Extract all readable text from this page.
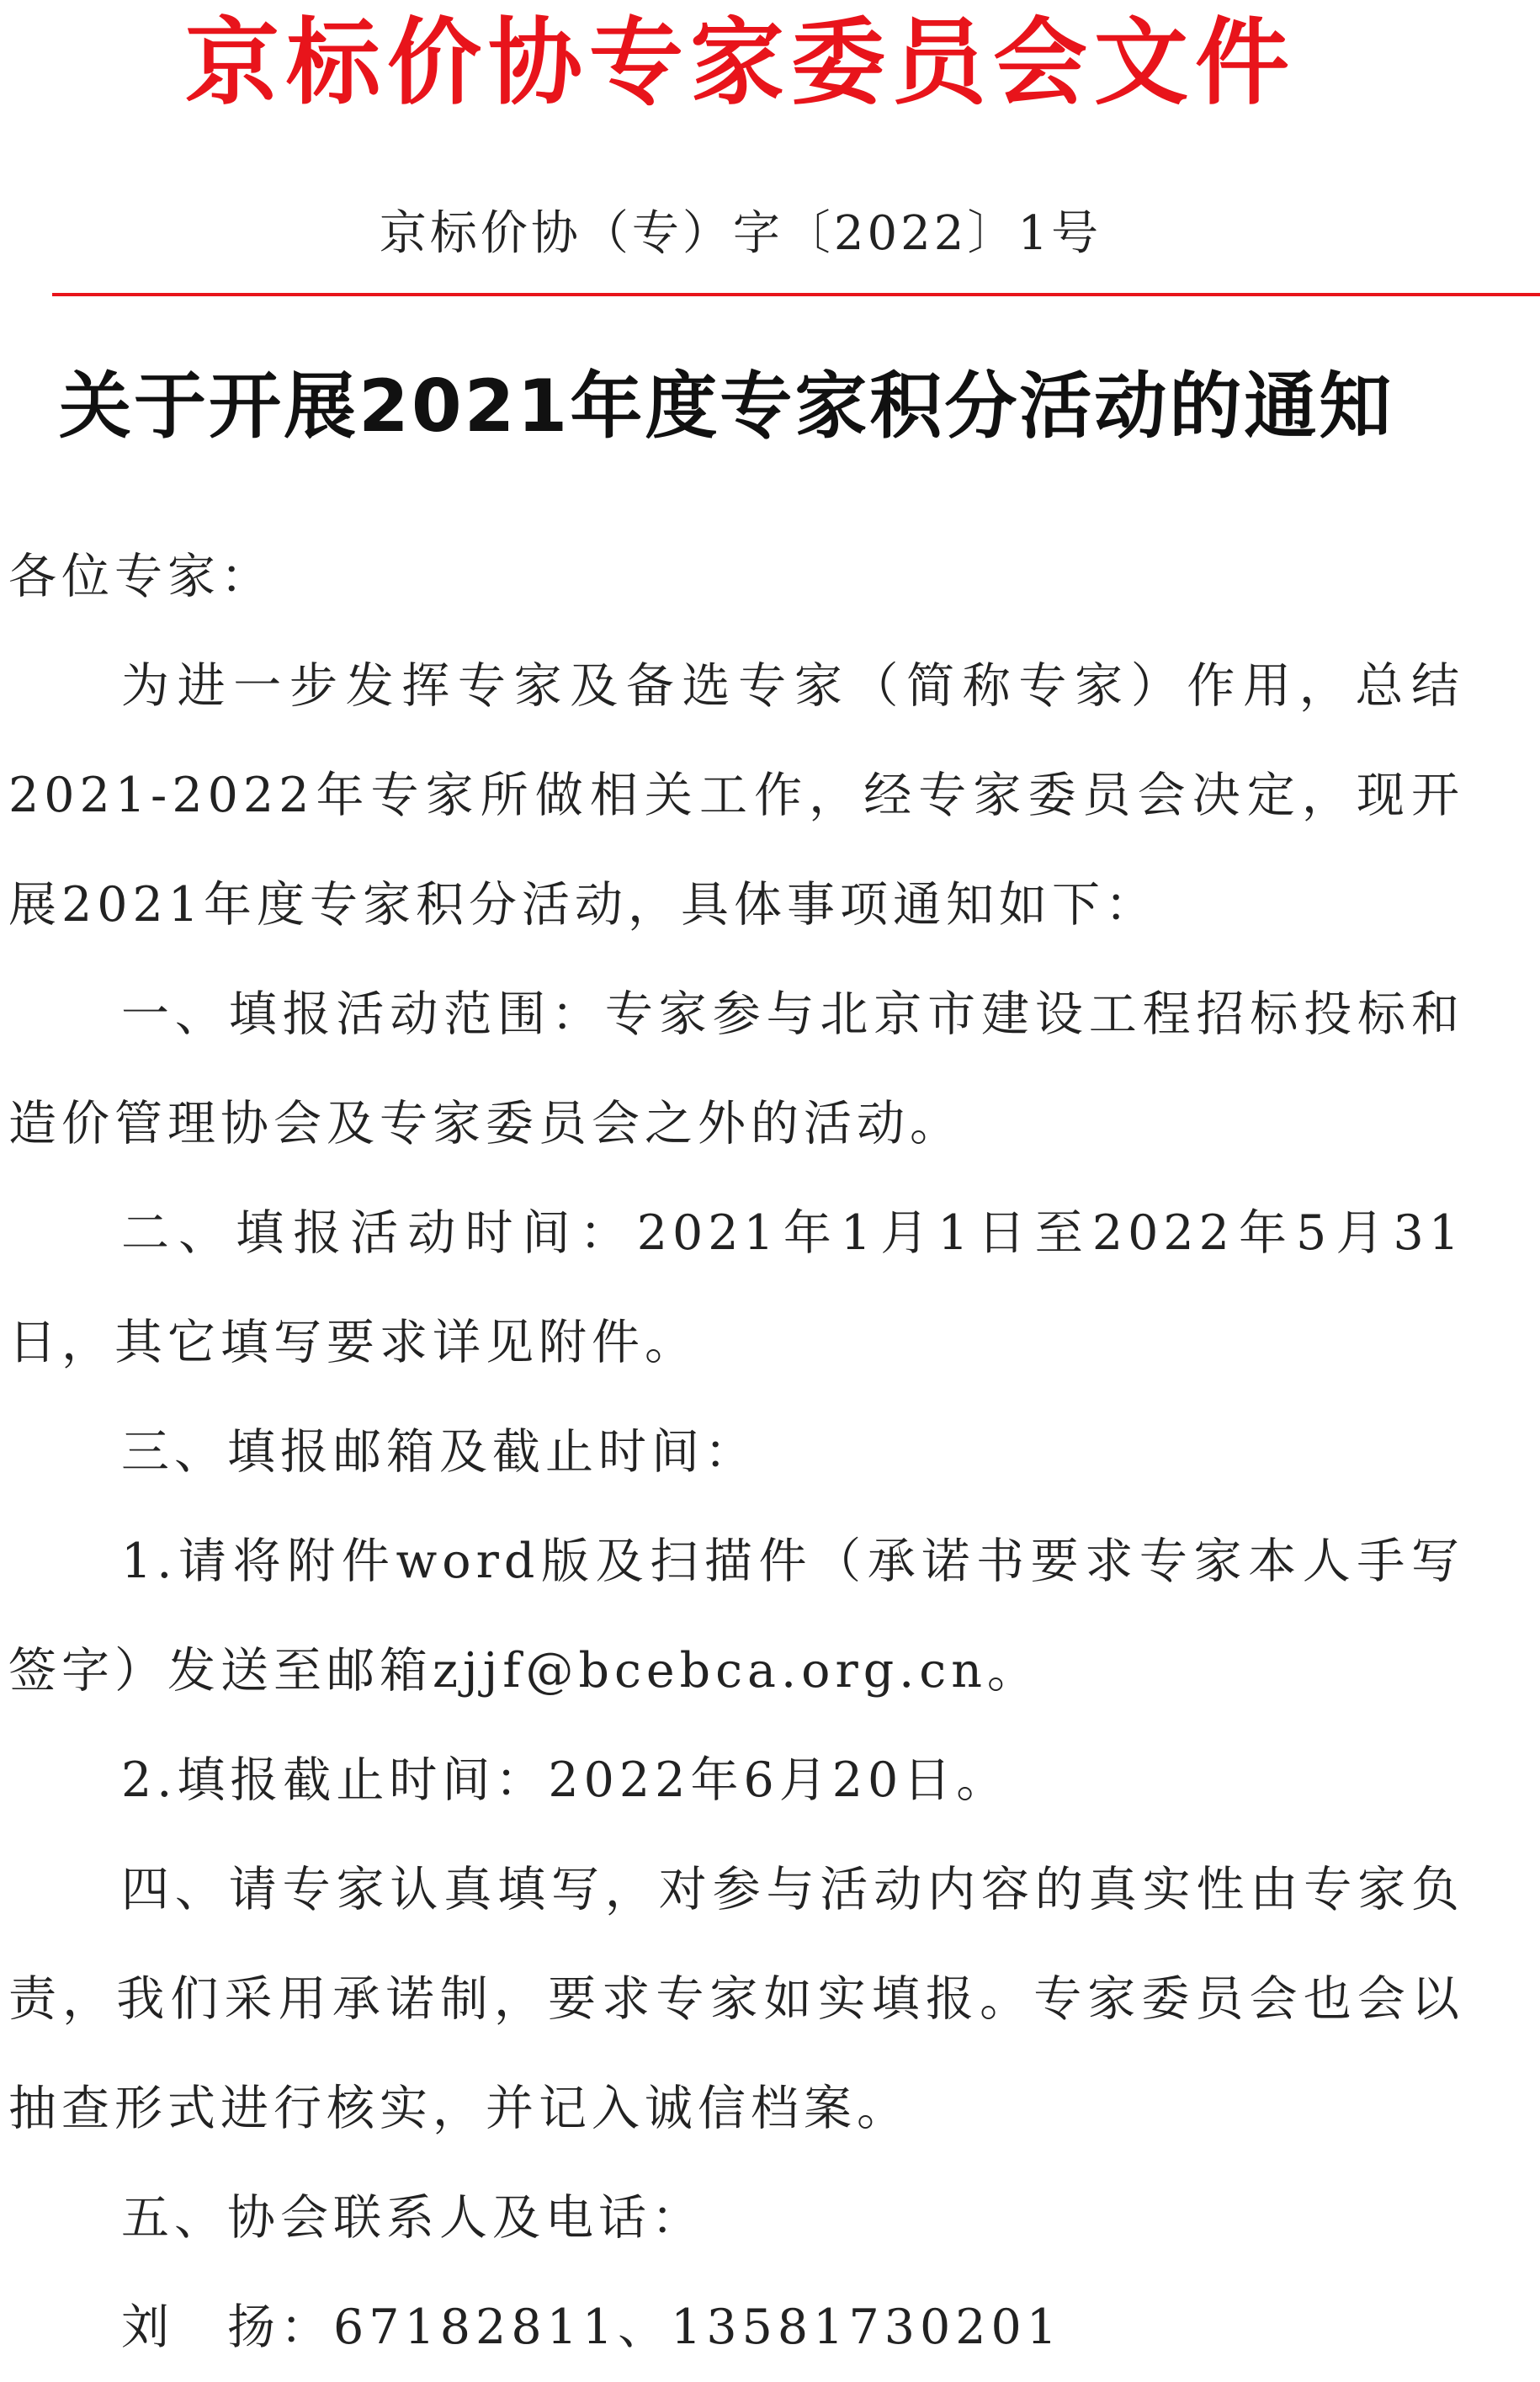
京标价协专家委员会文件
京标价协（专）字〔2022〕1号
关于开展2021年度专家积分活动的通知

各位专家：

为进一步发挥专家及备选专家（简称专家）作用，总结2021-2022年专家所做相关工作，经专家委员会决定，现开展2021年度专家积分活动，具体事项通知如下：

一、填报活动范围：专家参与北京市建设工程招标投标和造价管理协会及专家委员会之外的活动。

二、填报活动时间：2021年1月1日至2022年5月31日，其它填写要求详见附件。

三、填报邮箱及截止时间：

1.请将附件word版及扫描件（承诺书要求专家本人手写签字）发送至邮箱zjjf@bcebca.org.cn。

2.填报截止时间：2022年6月20日。

四、请专家认真填写，对参与活动内容的真实性由专家负责，我们采用承诺制，要求专家如实填报。专家委员会也会以抽查形式进行核实，并记入诚信档案。

五、协会联系人及电话：

刘　扬：67182811、13581730201
